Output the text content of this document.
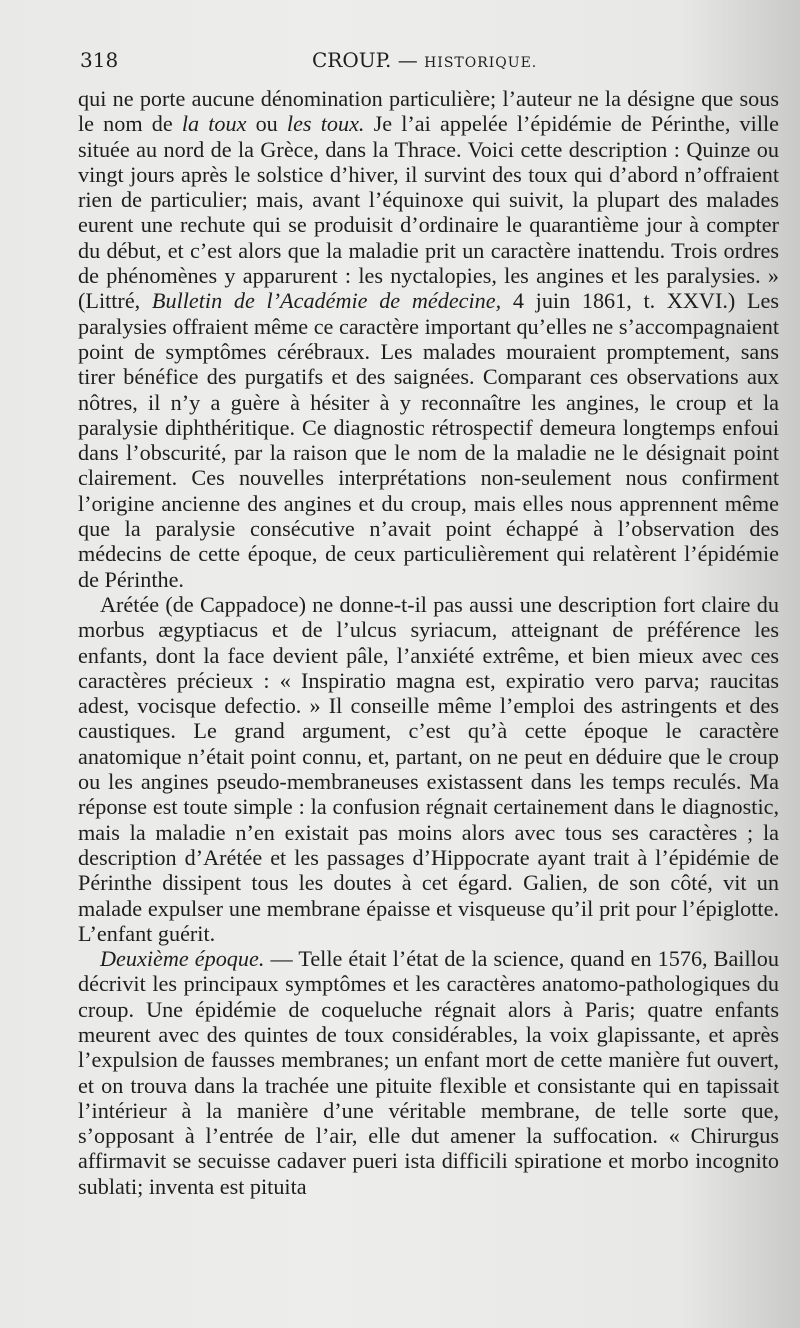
318	CROUP. — HISTORIQUE.

qui ne porte aucune dénomination particulière; l’auteur ne la désigne que sous le nom de la toux ou les toux. Je l’ai appelée l’épidémie de Périnthe, ville située au nord de la Grèce, dans la Thrace. Voici cette description : Quinze ou vingt jours après le solstice d’hiver, il survint des toux qui d’abord n’offraient rien de particulier; mais, avant l’équinoxe qui suivit, la plupart des malades eurent une rechute qui se produisit d’ordinaire le quarantième jour à compter du début, et c’est alors que la maladie prit un caractère inattendu. Trois ordres de phénomènes y apparurent : les nyctalopies, les angines et les paralysies. » (Littré, Bulletin de l’Académie de médecine, 4 juin 1861, t. XXVI.) Les paralysies offraient même ce caractère important qu’elles ne s’accompagnaient point de symptômes cérébraux. Les malades mouraient promptement, sans tirer bénéfice des purgatifs et des saignées. Comparant ces observations aux nôtres, il n’y a guère à hésiter à y reconnaître les angines, le croup et la paralysie diphthéritique. Ce diagnostic rétrospectif demeura longtemps enfoui dans l’obscurité, par la raison que le nom de la maladie ne le désignait point clairement. Ces nouvelles interprétations non-seulement nous confirment l’origine ancienne des angines et du croup, mais elles nous apprennent même que la paralysie consécutive n’avait point échappé à l’observation des médecins de cette époque, de ceux particulièrement qui relatèrent l’épidémie de Périnthe.

Arétée (de Cappadoce) ne donne-t-il pas aussi une description fort claire du morbus ægyptiacus et de l’ulcus syriacum, atteignant de préférence les enfants, dont la face devient pâle, l’anxiété extrême, et bien mieux avec ces caractères précieux : « Inspiratio magna est, expiratio vero parva; raucitas adest, vocisque defectio. » Il conseille même l’emploi des astringents et des caustiques. Le grand argument, c’est qu’à cette époque le caractère anatomique n’était point connu, et, partant, on ne peut en déduire que le croup ou les angines pseudo-membraneuses existassent dans les temps reculés. Ma réponse est toute simple : la confusion régnait certainement dans le diagnostic, mais la maladie n’en existait pas moins alors avec tous ses caractères ; la description d’Arétée et les passages d’Hippocrate ayant trait à l’épidémie de Périnthe dissipent tous les doutes à cet égard. Galien, de son côté, vit un malade expulser une membrane épaisse et visqueuse qu’il prit pour l’épiglotte. L’enfant guérit.

Deuxième époque. — Telle était l’état de la science, quand en 1576, Baillou décrivit les principaux symptômes et les caractères anatomo-pathologiques du croup. Une épidémie de coqueluche régnait alors à Paris; quatre enfants meurent avec des quintes de toux considérables, la voix glapissante, et après l’expulsion de fausses membranes; un enfant mort de cette manière fut ouvert, et on trouva dans la trachée une pituite flexible et consistante qui en tapissait l’intérieur à la manière d’une véritable membrane, de telle sorte que, s’opposant à l’entrée de l’air, elle dut amener la suffocation. « Chirurgus affirmavit se secuisse cadaver pueri ista difficili spiratione et morbo incognito sublati; inventa est pituita
